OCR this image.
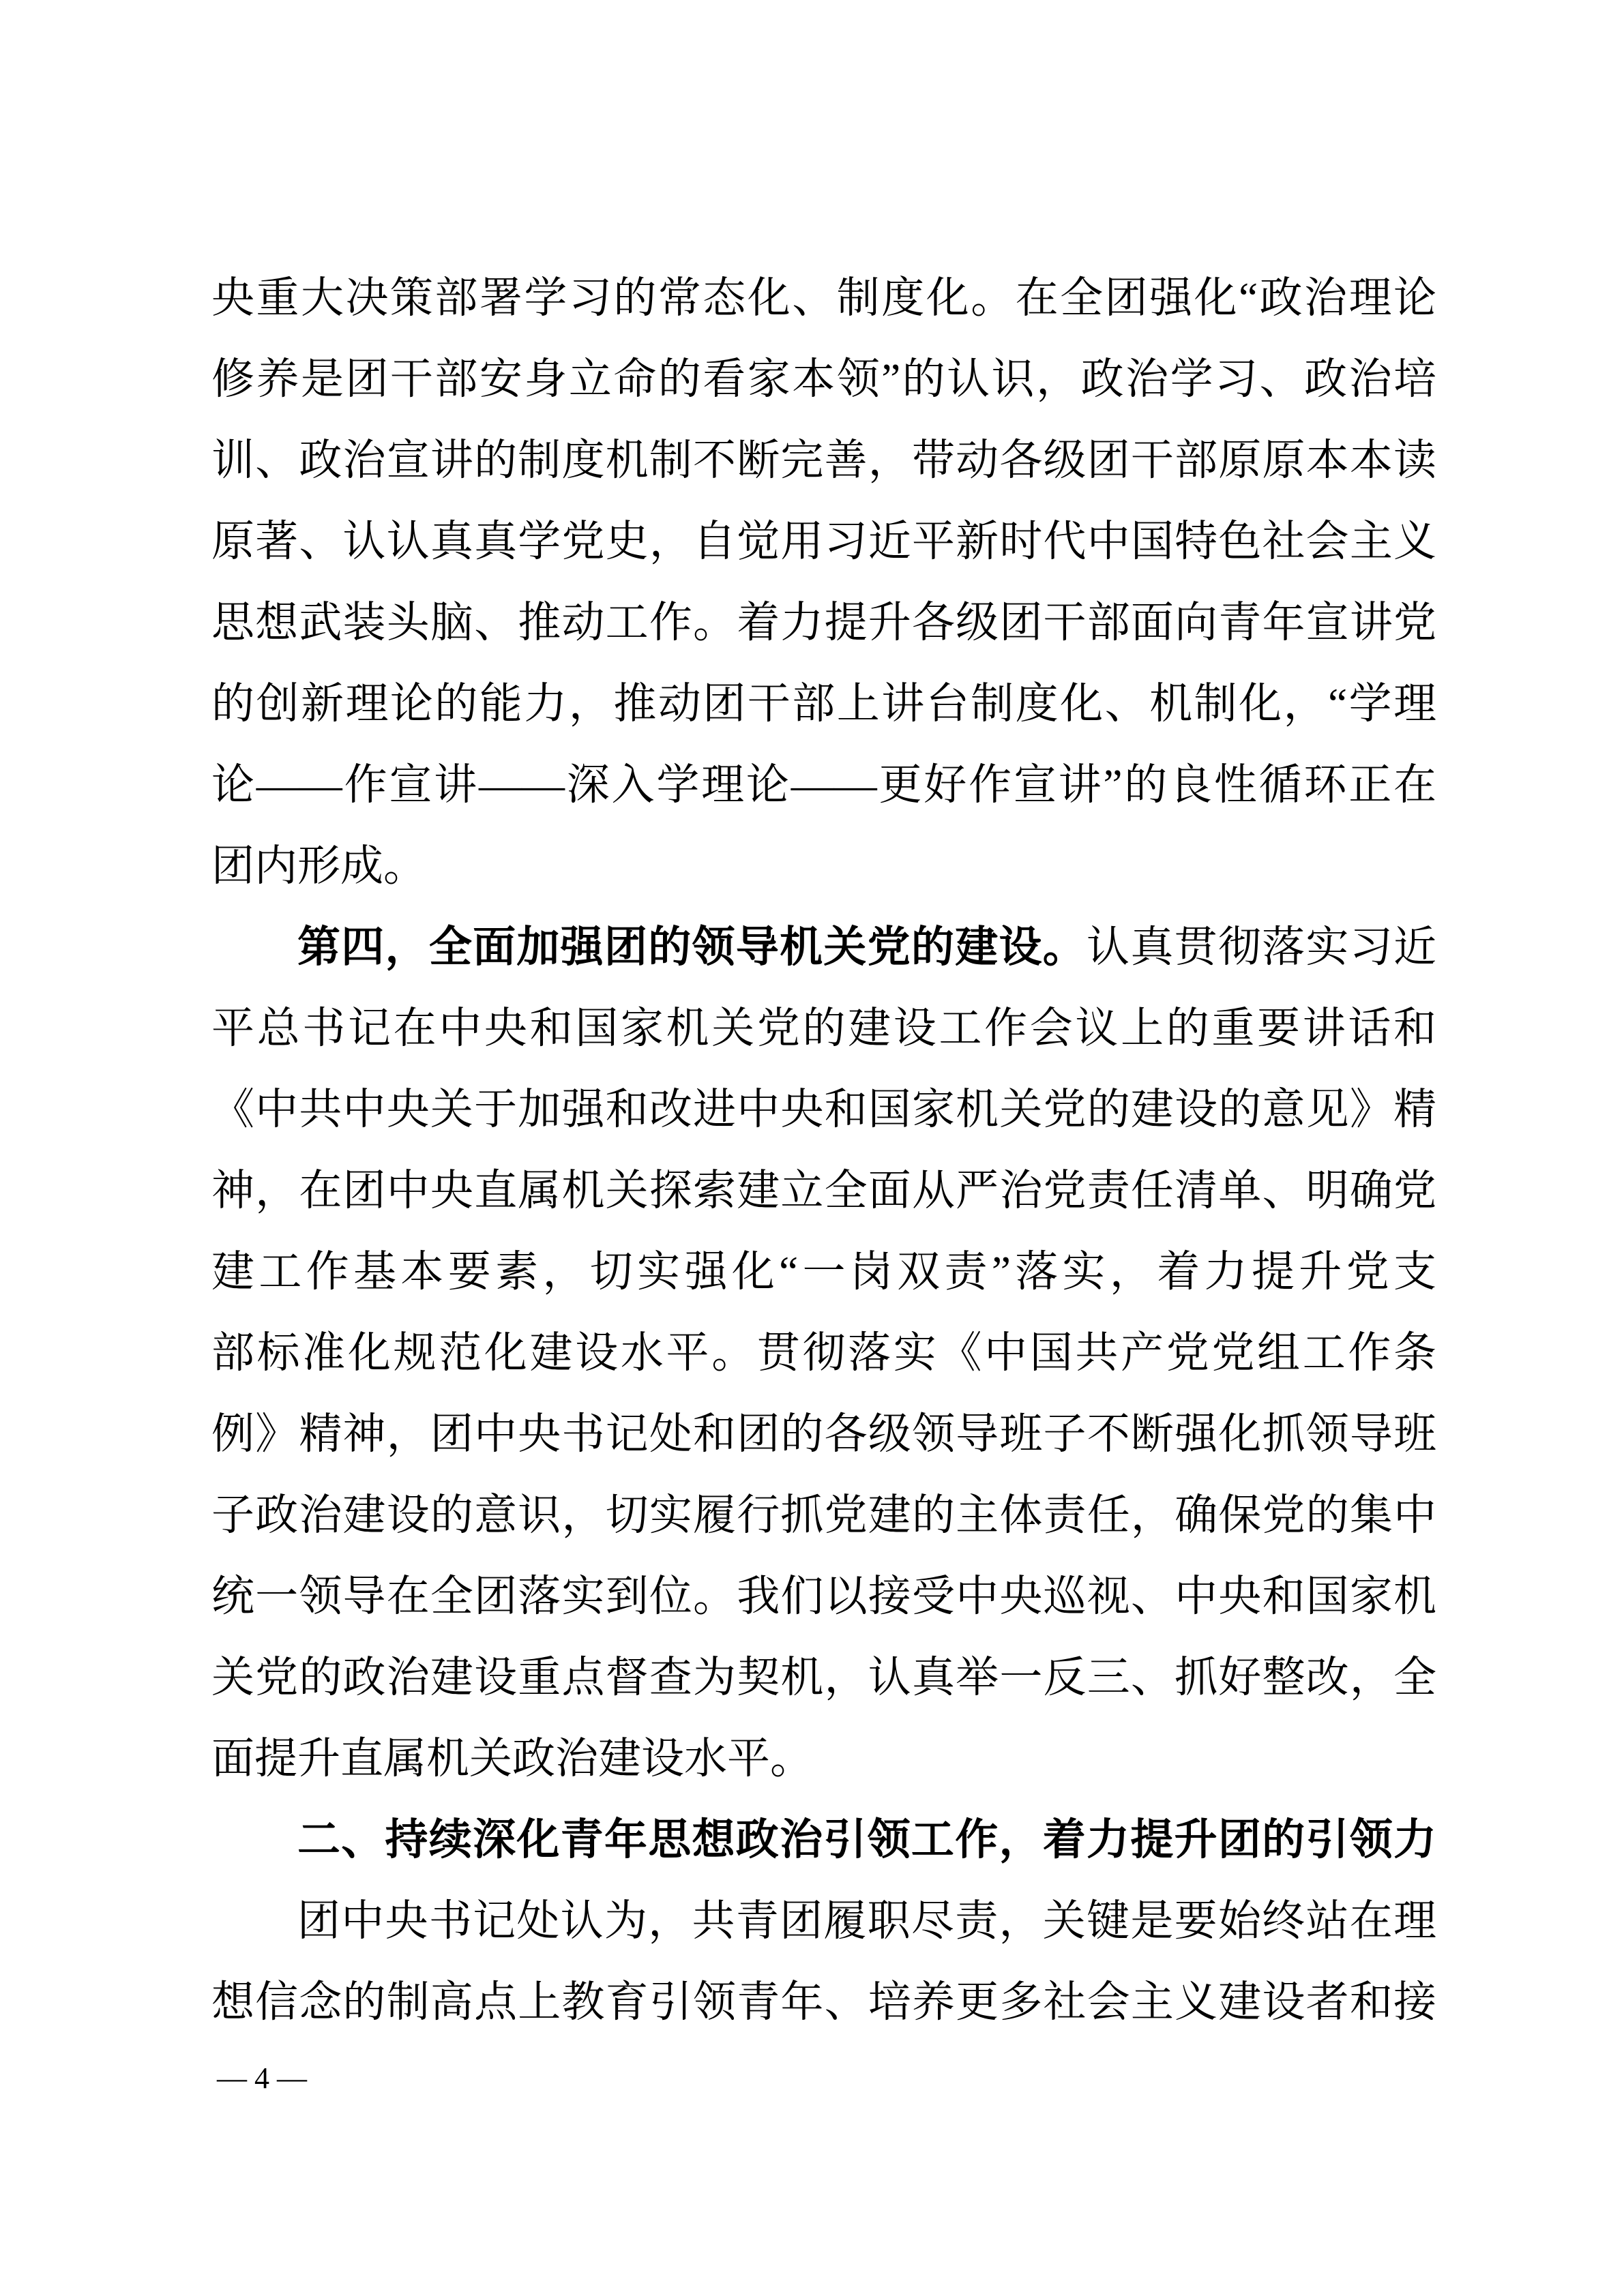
央重大决策部署学习的常态化、制度化。在全团强化“政治理论
修养是团干部安身立命的看家本领”的认识，政治学习、政治培
训、政治宣讲的制度机制不断完善，带动各级团干部原原本本读
原著、认认真真学党史，自觉用习近平新时代中国特色社会主义
思想武装头脑、推动工作。着力提升各级团干部面向青年宣讲党
的创新理论的能力，推动团干部上讲台制度化、机制化，“学理
论——作宣讲——深入学理论——更好作宣讲”的良性循环正在
团内形成。
第四，全面加强团的领导机关党的建设。认真贯彻落实习近
平总书记在中央和国家机关党的建设工作会议上的重要讲话和
《中共中央关于加强和改进中央和国家机关党的建设的意见》精
神，在团中央直属机关探索建立全面从严治党责任清单、明确党
建工作基本要素，切实强化“一岗双责”落实，着力提升党支
部标准化规范化建设水平。贯彻落实《中国共产党党组工作条
例》精神，团中央书记处和团的各级领导班子不断强化抓领导班
子政治建设的意识，切实履行抓党建的主体责任，确保党的集中
统一领导在全团落实到位。我们以接受中央巡视、中央和国家机
关党的政治建设重点督查为契机，认真举一反三、抓好整改，全
面提升直属机关政治建设水平。
二、持续深化青年思想政治引领工作，着力提升团的引领力
团中央书记处认为，共青团履职尽责，关键是要始终站在理
想信念的制高点上教育引领青年、培养更多社会主义建设者和接
— 4 —
